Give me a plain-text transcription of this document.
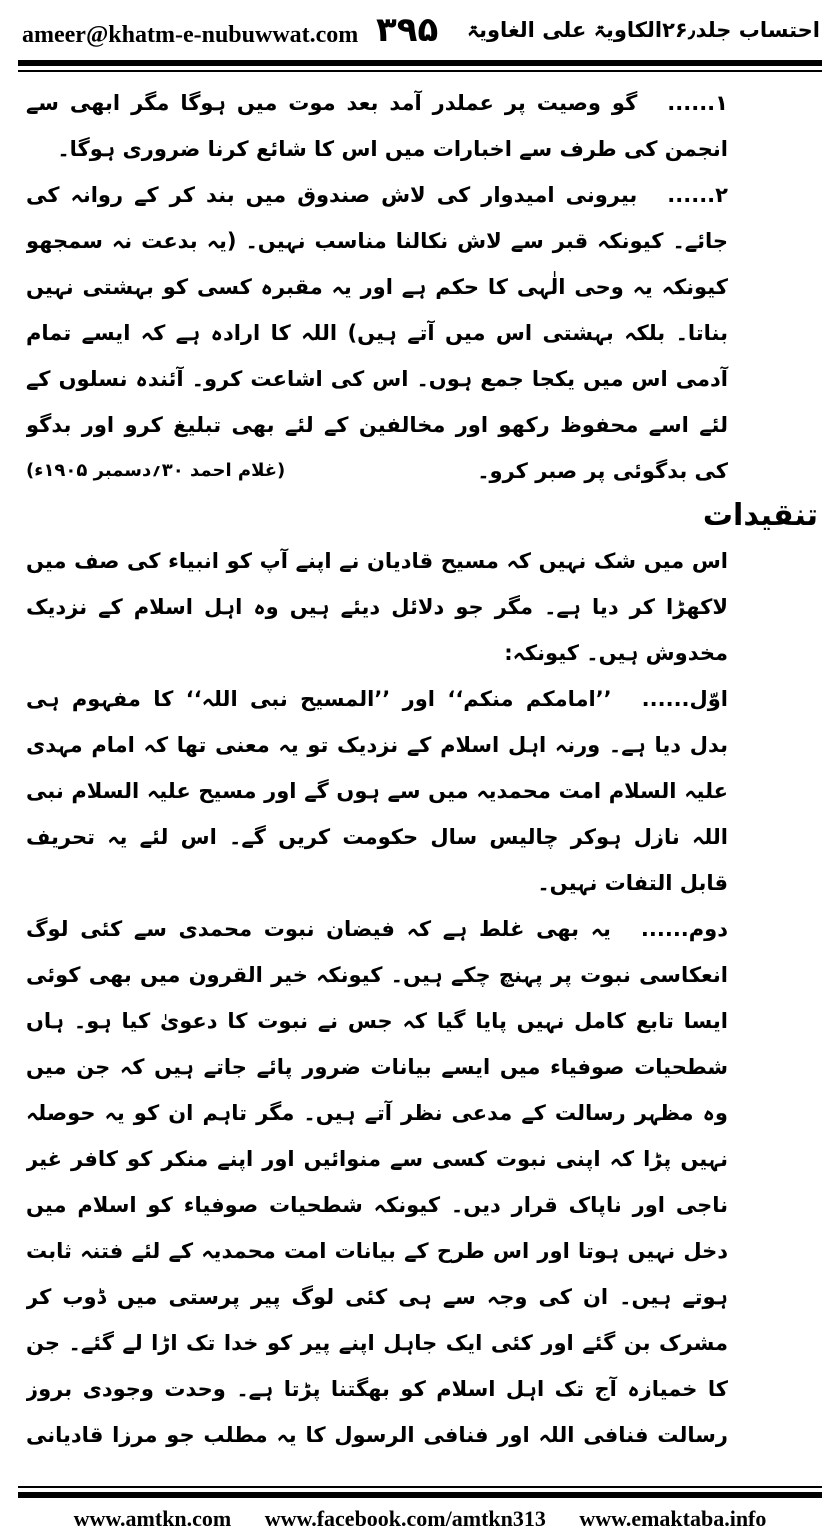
ameer@khatm-e-nubuwwat.com ۳۹۵ احتساب جلد۲۶٫الکاویۃ علی الغاویۃ

۱......گو وصیت پر عملدر آمد بعد موت میں ہوگا مگر ابھی سے انجمن کی طرف سے اخبارات میں اس کا شائع کرنا ضروری ہوگا۔

۲......بیرونی امیدوار کی لاش صندوق میں بند کر کے روانہ کی جائے۔ کیونکہ قبر سے لاش نکالنا مناسب نہیں۔ (یہ بدعت نہ سمجھو کیونکہ یہ وحی الٰہی کا حکم ہے اور یہ مقبرہ کسی کو بہشتی نہیں بناتا۔ بلکہ بہشتی اس میں آتے ہیں) اللہ کا ارادہ ہے کہ ایسے تمام آدمی اس میں یکجا جمع ہوں۔ اس کی اشاعت کرو۔ آئندہ نسلوں کے لئے اسے محفوظ رکھو اور مخالفین کے لئے بھی تبلیغ کرو اور بدگو کی بدگوئی پر صبر کرو۔
(غلام احمد ۳۰؍دسمبر ۱۹۰۵ء)

تنقیدات

اس میں شک نہیں کہ مسیح قادیان نے اپنے آپ کو انبیاء کی صف میں لاکھڑا کر دیا ہے۔ مگر جو دلائل دیئے ہیں وہ اہل اسلام کے نزدیک مخدوش ہیں۔ کیونکہ:

اوّل......’’امامکم منکم‘‘ اور ’’المسیح نبی اللہ‘‘ کا مفہوم ہی بدل دیا ہے۔ ورنہ اہل اسلام کے نزدیک تو یہ معنی تھا کہ امام مہدی علیہ السلام امت محمدیہ میں سے ہوں گے اور مسیح علیہ السلام نبی اللہ نازل ہوکر چالیس سال حکومت کریں گے۔ اس لئے یہ تحریف قابل التفات نہیں۔

دوم......یہ بھی غلط ہے کہ فیضان نبوت محمدی سے کئی لوگ انعکاسی نبوت پر پہنچ چکے ہیں۔ کیونکہ خیر القرون میں بھی کوئی ایسا تابع کامل نہیں پایا گیا کہ جس نے نبوت کا دعویٰ کیا ہو۔ ہاں شطحیات صوفیاء میں ایسے بیانات ضرور پائے جاتے ہیں کہ جن میں وہ مظہر رسالت کے مدعی نظر آتے ہیں۔ مگر تاہم ان کو یہ حوصلہ نہیں پڑا کہ اپنی نبوت کسی سے منوائیں اور اپنے منکر کو کافر غیر ناجی اور ناپاک قرار دیں۔ کیونکہ شطحیات صوفیاء کو اسلام میں دخل نہیں ہوتا اور اس طرح کے بیانات امت محمدیہ کے لئے فتنہ ثابت ہوتے ہیں۔ ان کی وجہ سے ہی کئی لوگ پیر پرستی میں ڈوب کر مشرک بن گئے اور کئی ایک جاہل اپنے پیر کو خدا تک اڑا لے گئے۔ جن کا خمیازہ آج تک اہل اسلام کو بھگتنا پڑتا ہے۔ وحدت وجودی بروز رسالت فنافی اللہ اور فنافی الرسول کا یہ مطلب جو مرزا قادیانی

www.amtkn.com www.facebook.com/amtkn313 www.emaktaba.info
